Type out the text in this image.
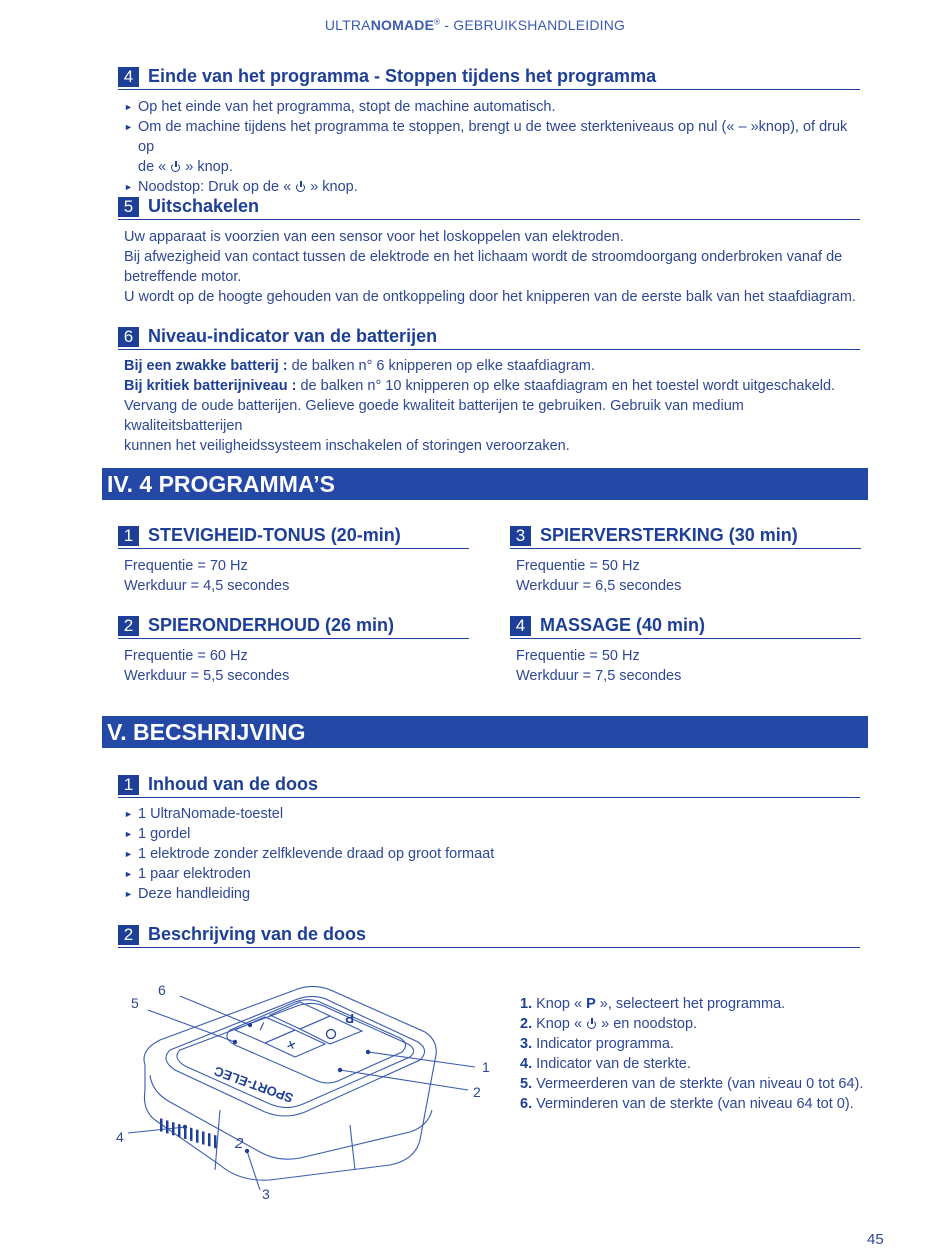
ULTRANOMADE® - GEBRUIKSHANDLEIDING
4 Einde van het programma - Stoppen tijdens het programma
► Op het einde van het programma, stopt de machine automatisch.
► Om de machine tijdens het programma te stoppen, brengt u de twee sterkteniveaus op nul (« – »knop), of druk op
de «  » knop.
► Noodstop: Druk op de «  » knop.
5 Uitschakelen
Uw apparaat is voorzien van een sensor voor het loskoppelen van elektroden.
Bij afwezigheid van contact tussen de elektrode en het lichaam wordt de stroomdoorgang onderbroken vanaf de
betreffende motor.
U wordt op de hoogte gehouden van de ontkoppeling door het knipperen van de eerste balk van het staafdiagram.
6 Niveau-indicator van de batterijen
Bij een zwakke batterij : de balken n° 6 knipperen op elke staafdiagram.
Bij kritiek batterijniveau : de balken n° 10 knipperen op elke staafdiagram en het toestel wordt uitgeschakeld.
Vervang de oude batterijen. Gelieve goede kwaliteit batterijen te gebruiken. Gebruik van medium kwaliteitsbatterijen
kunnen het veiligheidssysteem inschakelen of storingen veroorzaken.
IV. 4 PROGRAMMA’S
1 STEVIGHEID-TONUS (20-min)
Frequentie = 70 Hz
Werkduur = 4,5 secondes
2 SPIERONDERHOUD (26 min)
Frequentie = 60 Hz
Werkduur = 5,5 secondes
3 SPIERVERSTERKING (30 min)
Frequentie = 50 Hz
Werkduur = 6,5 secondes
4 MASSAGE (40 min)
Frequentie = 50 Hz
Werkduur = 7,5 secondes
V. BECSHRIJVING
1 Inhoud van de doos
► 1 UltraNomade-toestel
► 1 gordel
► 1 elektrode zonder zelfklevende draad op groot formaat
► 1 paar elektroden
► Deze handleiding
2 Beschrijving van de doos
–
+
P
SPORT-ELEC
2
6
5
1
2
4
3
1. Knop « P », selecteert het programma.
2. Knop «  » en noodstop.
3. Indicator programma.
4. Indicator van de sterkte.
5. Vermeerderen van de sterkte (van niveau 0 tot 64).
6. Verminderen van de sterkte (van niveau 64 tot 0).
45
